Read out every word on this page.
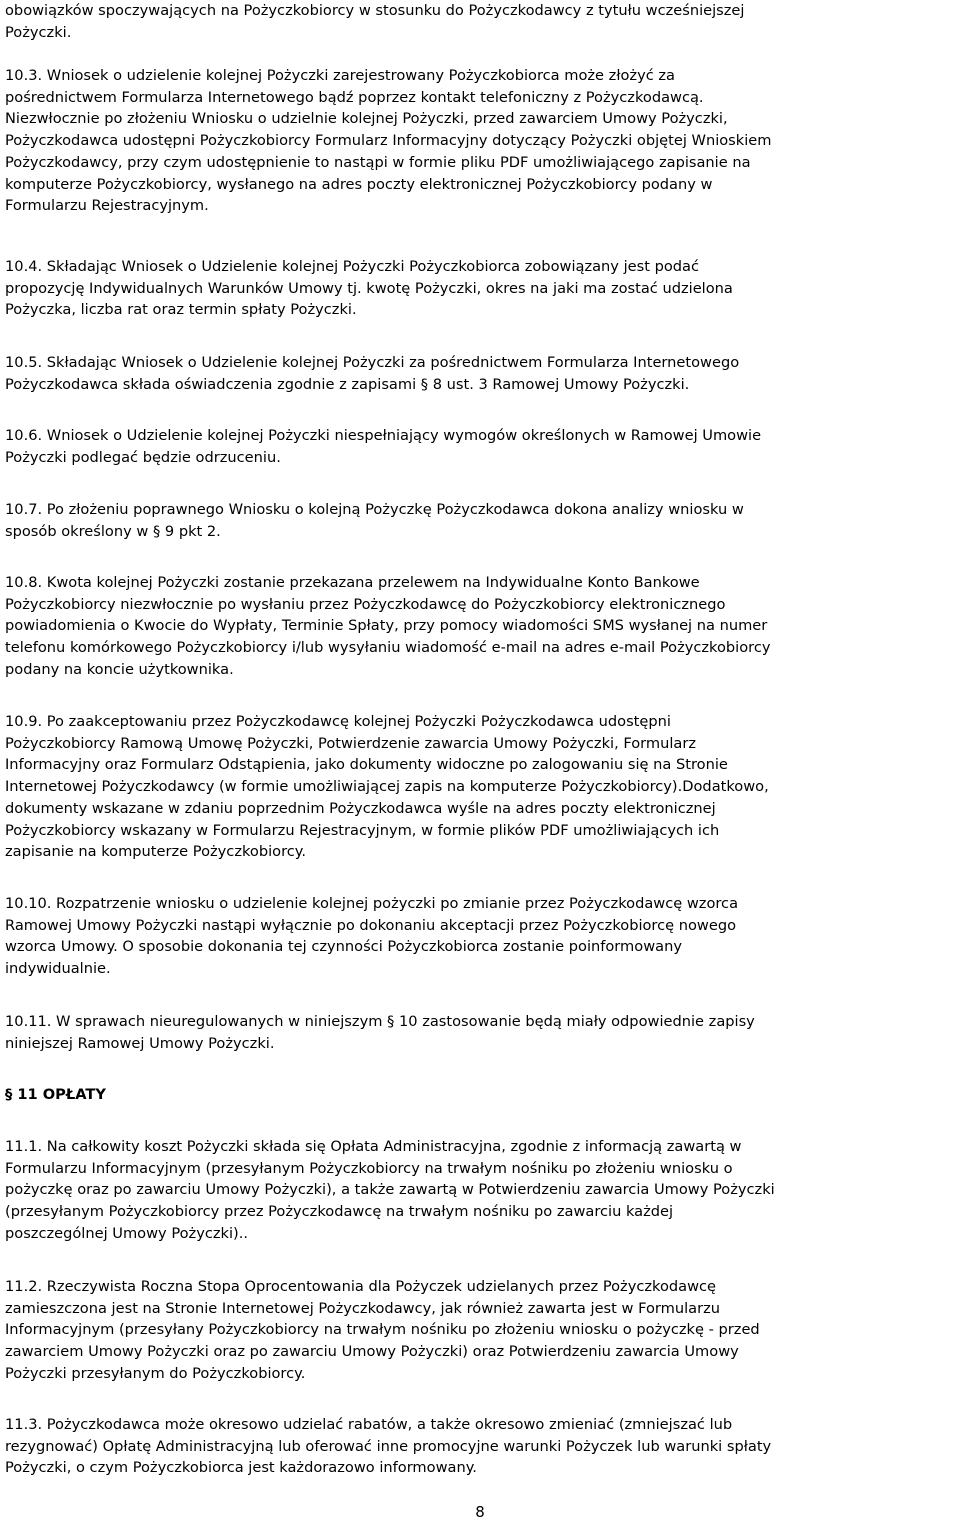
obowiązków spoczywających na Pożyczkobiorcy w stosunku do Pożyczkodawcy z tytułu wcześniejszej
Pożyczki.

10.3. Wniosek o udzielenie kolejnej Pożyczki zarejestrowany Pożyczkobiorca może złożyć za
pośrednictwem Formularza Internetowego bądź poprzez kontakt telefoniczny z Pożyczkodawcą.
Niezwłocznie po złożeniu Wniosku o udzielnie kolejnej Pożyczki, przed zawarciem Umowy Pożyczki,
Pożyczkodawca udostępni Pożyczkobiorcy Formularz Informacyjny dotyczący Pożyczki objętej Wnioskiem
Pożyczkodawcy, przy czym udostępnienie to nastąpi w formie pliku PDF umożliwiającego zapisanie na
komputerze Pożyczkobiorcy, wysłanego na adres poczty elektronicznej Pożyczkobiorcy podany w
Formularzu Rejestracyjnym.

10.4. Składając Wniosek o Udzielenie kolejnej Pożyczki Pożyczkobiorca zobowiązany jest podać
propozycję Indywidualnych Warunków Umowy tj. kwotę Pożyczki, okres na jaki ma zostać udzielona
Pożyczka, liczba rat oraz termin spłaty Pożyczki.

10.5. Składając Wniosek o Udzielenie kolejnej Pożyczki za pośrednictwem Formularza Internetowego
Pożyczkodawca składa oświadczenia zgodnie z zapisami § 8 ust. 3 Ramowej Umowy Pożyczki.

10.6. Wniosek o Udzielenie kolejnej Pożyczki niespełniający wymogów określonych w Ramowej Umowie
Pożyczki podlegać będzie odrzuceniu.

10.7. Po złożeniu poprawnego Wniosku o kolejną Pożyczkę Pożyczkodawca dokona analizy wniosku w
sposób określony w § 9 pkt 2.

10.8. Kwota kolejnej Pożyczki zostanie przekazana przelewem na Indywidualne Konto Bankowe
Pożyczkobiorcy niezwłocznie po wysłaniu przez Pożyczkodawcę do Pożyczkobiorcy elektronicznego
powiadomienia o Kwocie do Wypłaty, Terminie Spłaty, przy pomocy wiadomości SMS wysłanej na numer
telefonu komórkowego Pożyczkobiorcy i/lub wysyłaniu wiadomość e-mail na adres e-mail Pożyczkobiorcy
podany na koncie użytkownika.

10.9. Po zaakceptowaniu przez Pożyczkodawcę kolejnej Pożyczki Pożyczkodawca udostępni
Pożyczkobiorcy Ramową Umowę Pożyczki, Potwierdzenie zawarcia Umowy Pożyczki, Formularz
Informacyjny oraz Formularz Odstąpienia, jako dokumenty widoczne po zalogowaniu się na Stronie
Internetowej Pożyczkodawcy (w formie umożliwiającej zapis na komputerze Pożyczkobiorcy).Dodatkowo,
dokumenty wskazane w zdaniu poprzednim Pożyczkodawca wyśle na adres poczty elektronicznej
Pożyczkobiorcy wskazany w Formularzu Rejestracyjnym, w formie plików PDF umożliwiających ich
zapisanie na komputerze Pożyczkobiorcy.

10.10. Rozpatrzenie wniosku o udzielenie kolejnej pożyczki po zmianie przez Pożyczkodawcę wzorca
Ramowej Umowy Pożyczki nastąpi wyłącznie po dokonaniu akceptacji przez Pożyczkobiorcę nowego
wzorca Umowy. O sposobie dokonania tej czynności Pożyczkobiorca zostanie poinformowany
indywidualnie.

10.11. W sprawach nieuregulowanych w niniejszym § 10 zastosowanie będą miały odpowiednie zapisy
niniejszej Ramowej Umowy Pożyczki.

§ 11 OPŁATY

11.1. Na całkowity koszt Pożyczki składa się Opłata Administracyjna, zgodnie z informacją zawartą w
Formularzu Informacyjnym (przesyłanym Pożyczkobiorcy na trwałym nośniku po złożeniu wniosku o
pożyczkę oraz po zawarciu Umowy Pożyczki), a także zawartą w Potwierdzeniu zawarcia Umowy Pożyczki
(przesyłanym Pożyczkobiorcy przez Pożyczkodawcę na trwałym nośniku po zawarciu każdej
poszczególnej Umowy Pożyczki)..

11.2. Rzeczywista Roczna Stopa Oprocentowania dla Pożyczek udzielanych przez Pożyczkodawcę
zamieszczona jest na Stronie Internetowej Pożyczkodawcy, jak również zawarta jest w Formularzu
Informacyjnym (przesyłany Pożyczkobiorcy na trwałym nośniku po złożeniu wniosku o pożyczkę - przed
zawarciem Umowy Pożyczki oraz po zawarciu Umowy Pożyczki) oraz Potwierdzeniu zawarcia Umowy
Pożyczki przesyłanym do Pożyczkobiorcy.

11.3. Pożyczkodawca może okresowo udzielać rabatów, a także okresowo zmieniać (zmniejszać lub
rezygnować) Opłatę Administracyjną lub oferować inne promocyjne warunki Pożyczek lub warunki spłaty
Pożyczki, o czym Pożyczkobiorca jest każdorazowo informowany.

8
